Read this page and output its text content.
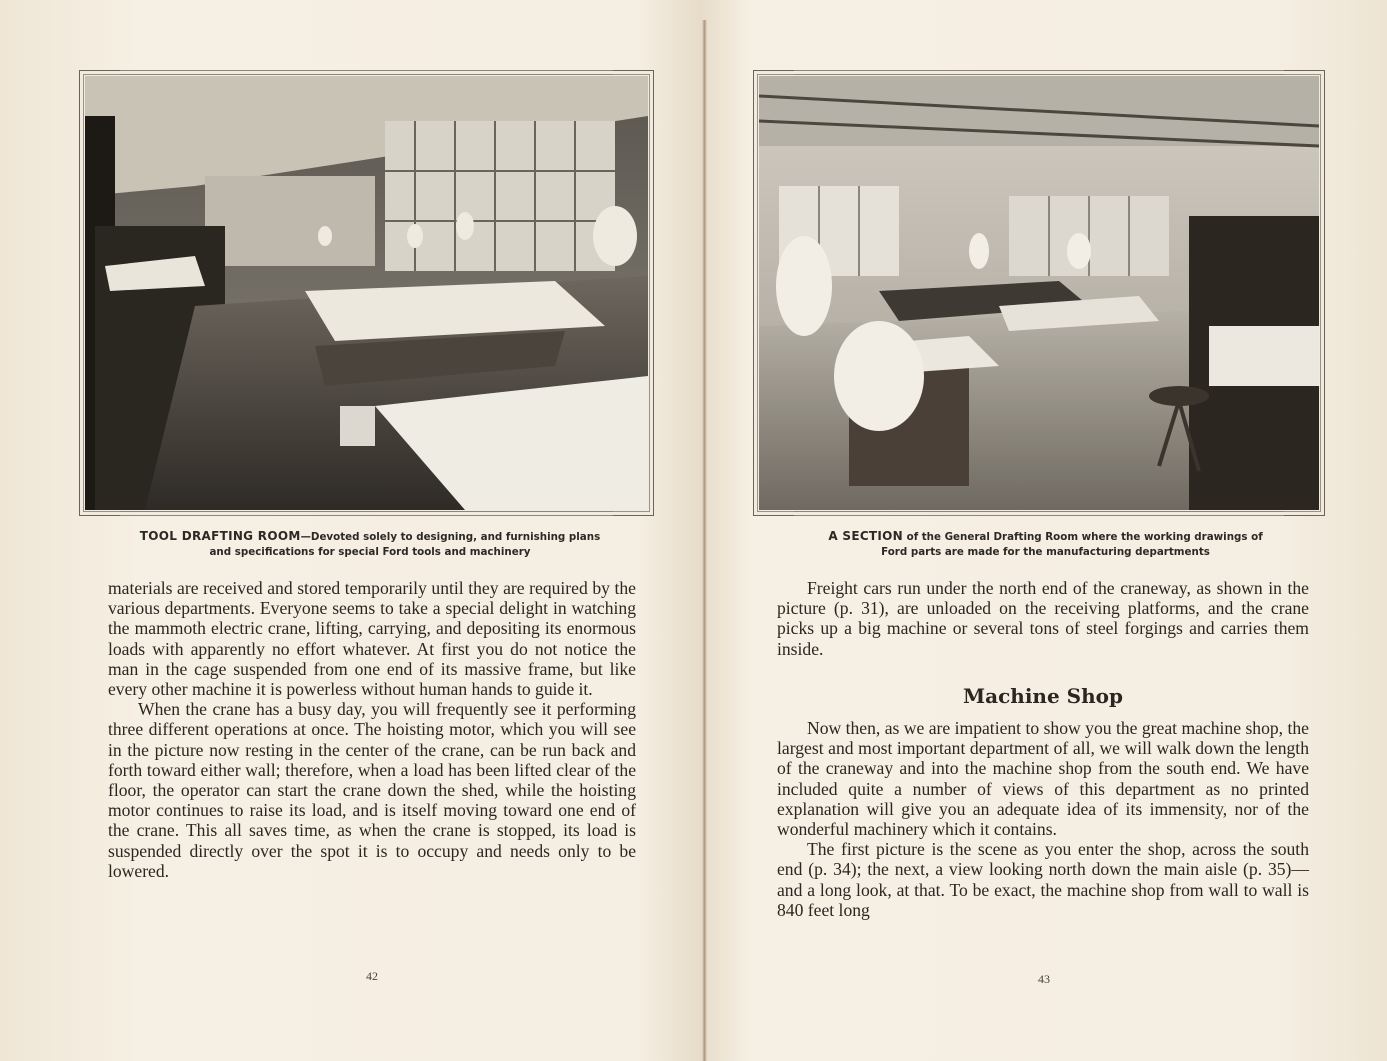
TOOL DRAFTING ROOM—Devoted solely to designing, and furnishing plans
and specifications for special Ford tools and machinery

materials are received and stored temporarily until they are required by the various departments. Everyone seems to take a special delight in watching the mammoth electric crane, lifting, carrying, and depositing its enormous loads with apparently no effort whatever. At first you do not notice the man in the cage suspended from one end of its massive frame, but like every other machine it is powerless without human hands to guide it.

When the crane has a busy day, you will frequently see it performing three different operations at once. The hoisting motor, which you will see in the picture now resting in the center of the crane, can be run back and forth toward either wall; therefore, when a load has been lifted clear of the floor, the operator can start the crane down the shed, while the hoisting motor continues to raise its load, and is itself moving toward one end of the crane. This all saves time, as when the crane is stopped, its load is suspended directly over the spot it is to occupy and needs only to be lowered.

42
A SECTION of the General Drafting Room where the working drawings of
Ford parts are made for the manufacturing departments

Freight cars run under the north end of the craneway, as shown in the picture (p. 31), are unloaded on the receiving platforms, and the crane picks up a big machine or several tons of steel forgings and carries them inside.

Machine Shop

Now then, as we are impatient to show you the great machine shop, the largest and most important department of all, we will walk down the length of the craneway and into the machine shop from the south end. We have included quite a number of views of this department as no printed explanation will give you an adequate idea of its immensity, nor of the wonderful machinery which it contains.

The first picture is the scene as you enter the shop, across the south end (p. 34); the next, a view looking north down the main aisle (p. 35)—and a long look, at that. To be exact, the machine shop from wall to wall is 840 feet long

43
